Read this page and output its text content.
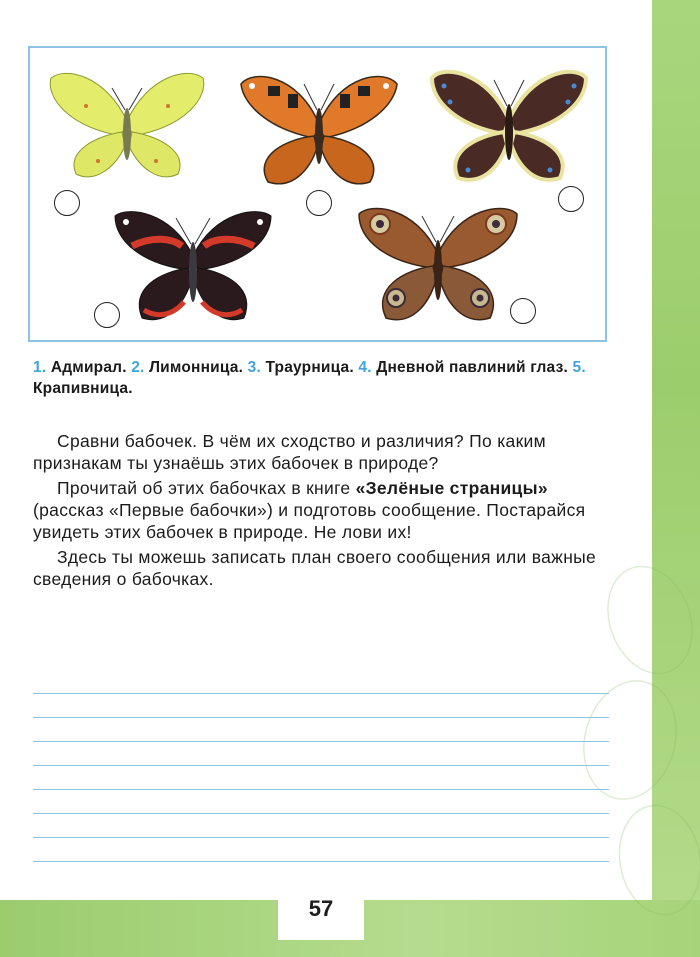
1. Адмирал. 2. Лимонница. 3. Траурница. 4. Дневной павлиний глаз. 5. Крапивница.

Сравни бабочек. В чём их сходство и различия? По каким признакам ты узнаёшь этих бабочек в природе?

Прочитай об этих бабочках в книге «Зелёные страницы» (рассказ «Первые бабочки») и подготовь сообщение. Постарайся увидеть этих бабочек в природе. Не лови их!

Здесь ты можешь записать план своего сообщения или важные сведения о бабочках.

57
